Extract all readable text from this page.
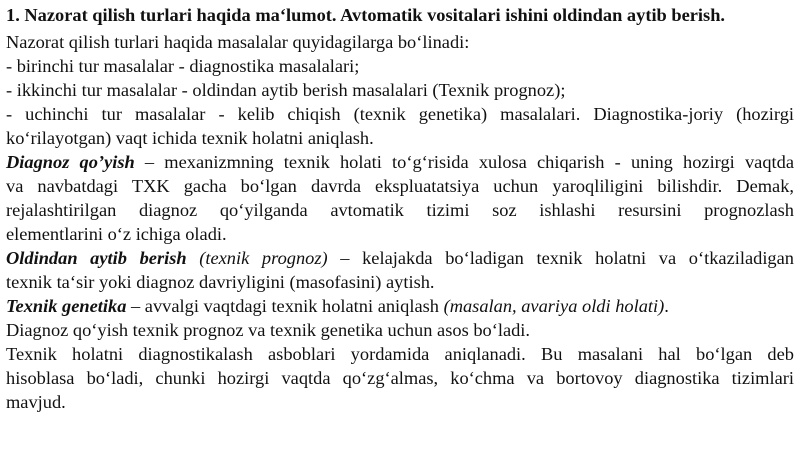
1. Nazorat qilish turlari haqida ma‘lumot. Avtomatik vositalari ishini oldindan aytib berish.
Nazorat qilish turlari haqida masalalar quyidagilarga bo‘linadi:
- birinchi tur masalalar - diagnostika masalalari;
- ikkinchi tur masalalar - oldindan aytib berish masalalari (Texnik prognoz);
- uchinchi tur masalalar - kelib chiqish (texnik genetika) masalalari. Diagnostika-joriy (hozirgi
ko‘rilayotgan) vaqt ichida texnik holatni aniqlash.
Diagnoz qo’yish – mexanizmning texnik holati to‘g‘risida xulosa chiqarish - uning hozirgi vaqtda
va navbatdagi TXK gacha bo‘lgan davrda ekspluatatsiya uchun yaroqliligini bilishdir. Demak,
rejalashtirilgan diagnoz qo‘yilganda avtomatik tizimi soz ishlashi resursini prognozlash
elementlarini o‘z ichiga oladi.
Oldindan aytib berish (texnik prognoz) – kelajakda bo‘ladigan texnik holatni va o‘tkaziladigan
texnik ta‘sir yoki diagnoz davriyligini (masofasini) aytish.
Texnik genetika – avvalgi vaqtdagi texnik holatni aniqlash (masalan, avariya oldi holati).
Diagnoz qo‘yish texnik prognoz va texnik genetika uchun asos bo‘ladi.
Texnik holatni diagnostikalash asboblari yordamida aniqlanadi. Bu masalani hal bo‘lgan deb
hisoblasa bo‘ladi, chunki hozirgi vaqtda qo‘zg‘almas, ko‘chma va bortovoy diagnostika tizimlari
mavjud.
